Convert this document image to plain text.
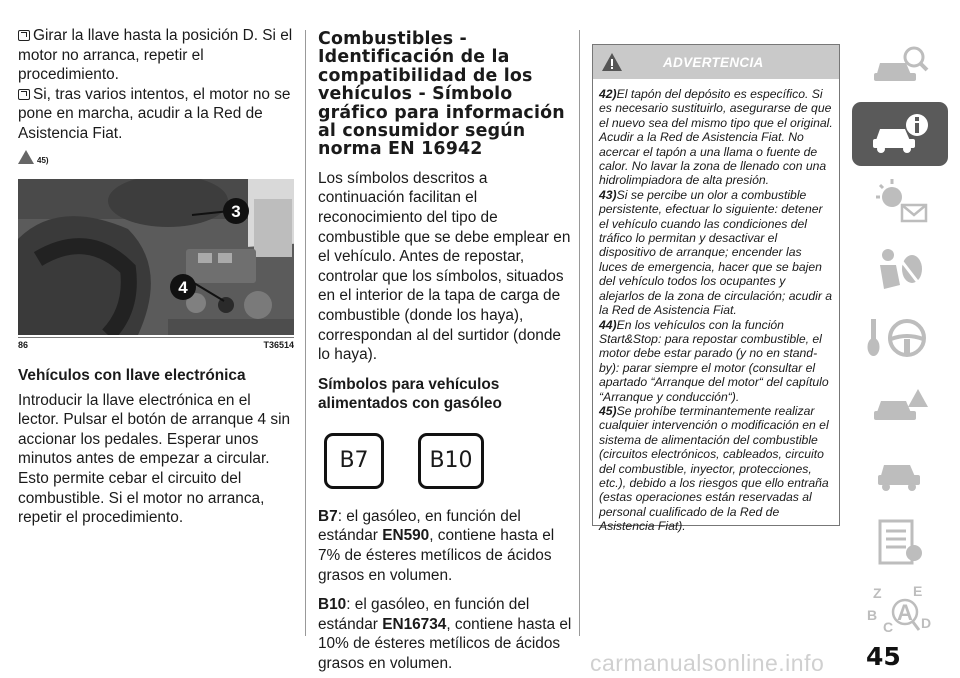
Girar la llave hasta la posición D. Si el motor no arranca, repetir el procedimiento.

Si, tras varios intentos, el motor no se pone en marcha, acudir a la Red de Asistencia Fiat.

45)
3
4
86	T36514
Vehículos con llave electrónica

Introducir la llave electrónica en el lector. Pulsar el botón de arranque 4 sin accionar los pedales. Esperar unos minutos antes de empezar a circular. Esto permite cebar el circuito del combustible. Si el motor no arranca, repetir el procedimiento.

Combustibles - Identificación de la compatibilidad de los vehículos - Símbolo gráfico para información al consumidor según norma EN 16942

Los símbolos descritos a continuación facilitan el reconocimiento del tipo de combustible que se debe emplear en el vehículo. Antes de repostar, controlar que los símbolos, situados en el interior de la tapa de carga de combustible (donde los haya), correspondan al del surtidor (donde lo haya).

Símbolos para vehículos alimentados con gasóleo
B7	B10

B7: el gasóleo, en función del estándar EN590, contiene hasta el 7% de ésteres metílicos de ácidos grasos en volumen.

B10: el gasóleo, en función del estándar EN16734, contiene hasta el 10% de ésteres metílicos de ácidos grasos en volumen.

ADVERTENCIA

42)El tapón del depósito es específico. Si es necesario sustituirlo, asegurarse de que el nuevo sea del mismo tipo que el original. Acudir a la Red de Asistencia Fiat. No acercar el tapón a una llama o fuente de calor. No lavar la zona de llenado con una hidrolimpiadora de alta presión.

43)Si se percibe un olor a combustible persistente, efectuar lo siguiente: detener el vehículo cuando las condiciones del tráfico lo permitan y desactivar el dispositivo de arranque; encender las luces de emergencia, hacer que se bajen del vehículo todos los ocupantes y alejarlos de la zona de circulación; acudir a la Red de Asistencia Fiat.

44)En los vehículos con la función Start&Stop: para repostar combustible, el motor debe estar parado (y no en stand-by): parar siempre el motor (consultar el apartado “Arranque del motor“ del capítulo “Arranque y conducción“).

45)Se prohíbe terminantemente realizar cualquier intervención o modificación en el sistema de alimentación del combustible (circuitos electrónicos, cableados, circuito del combustible, inyector, protecciones, etc.), debido a los riesgos que ello entraña (estas operaciones están reservadas al personal cualificado de la Red de Asistencia Fiat).

Z E
B
C D
A
45
carmanualsonline.info
